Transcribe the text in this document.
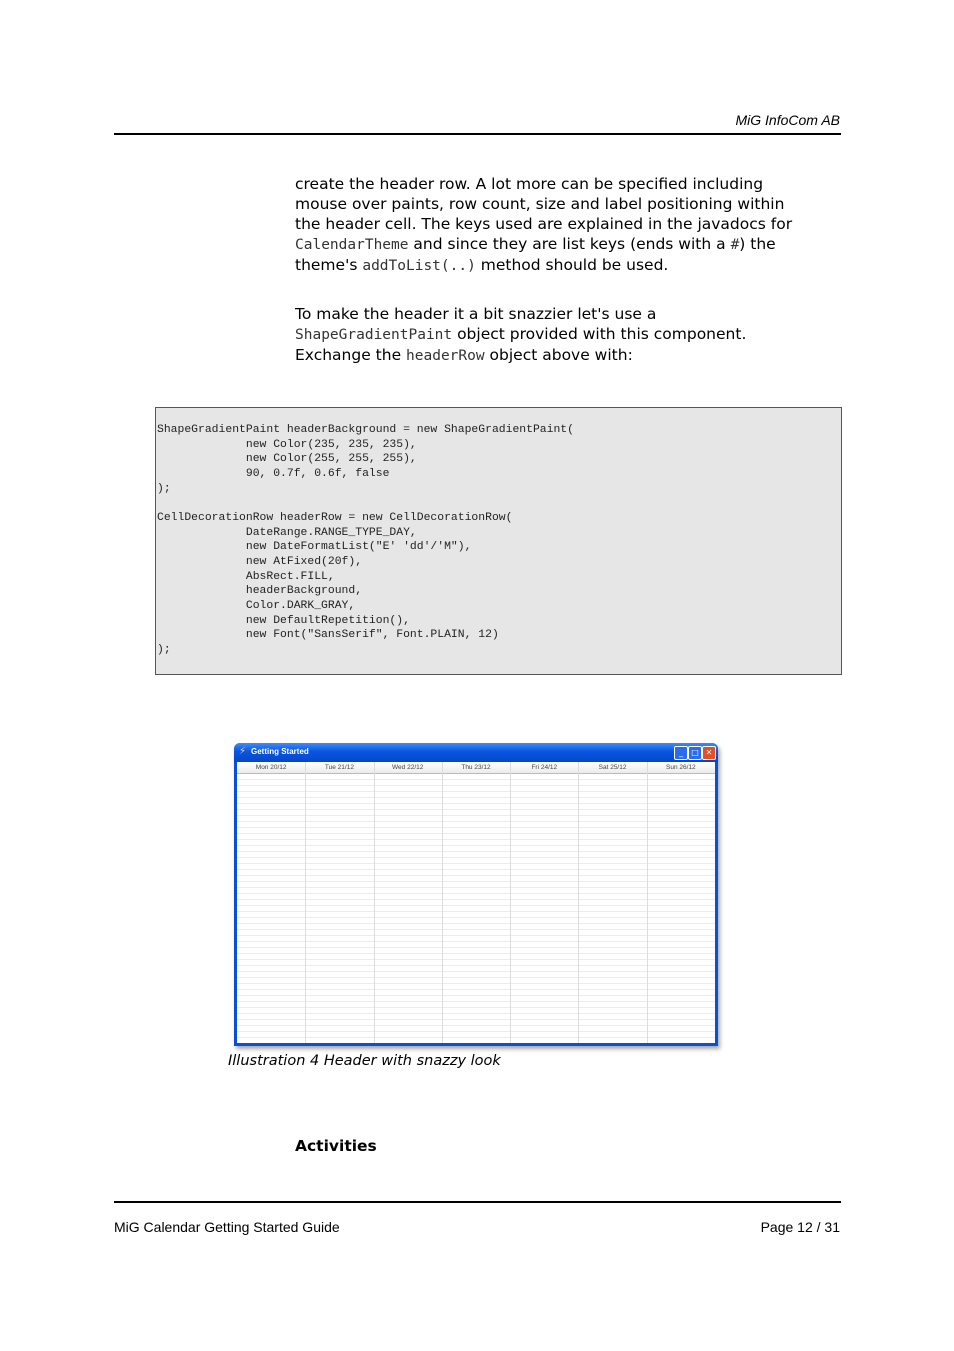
MiG InfoCom AB

create the header row. A lot more can be specified including mouse over paints, row count, size and label positioning within the header cell. The keys used are explained in the javadocs for CalendarTheme and since they are list keys (ends with a #) the theme's addToList(..) method should be used.

To make the header it a bit snazzier let's use a ShapeGradientPaint object provided with this component. Exchange the headerRow object above with:

ShapeGradientPaint headerBackground = new ShapeGradientPaint(
new Color(235, 235, 235),
new Color(255, 255, 255),
90, 0.7f, 0.6f, false
);

CellDecorationRow headerRow = new CellDecorationRow(
DateRange.RANGE_TYPE_DAY,
new DateFormatList("E' 'dd'/'M"),
new AtFixed(20f),
AbsRect.FILL,
headerBackground,
Color.DARK_GRAY,
new DefaultRepetition(),
new Font("SansSerif", Font.PLAIN, 12)
);
⚡ Getting Started	_	□ ✕
Mon 20/12	Tue 21/12	Wed 22/12	Thu 23/12	Fri 24/12	Sat 25/12	Sun 26/12
Illustration 4 Header with snazzy look
Activities
MiG Calendar Getting Started Guide	Page 12 / 31
